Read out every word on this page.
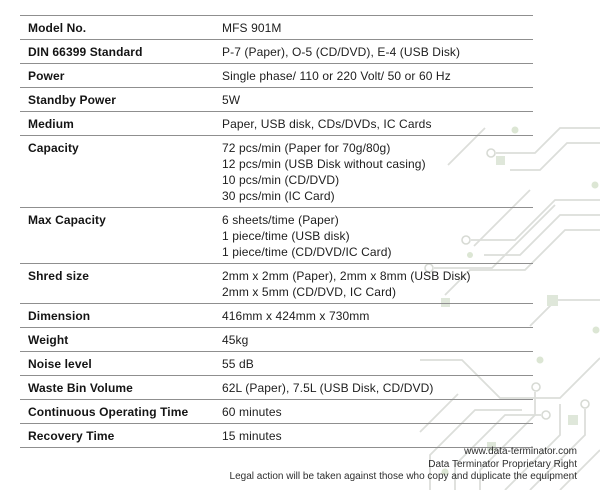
Model No.	MFS 901M
DIN 66399 Standard	P-7 (Paper), O-5 (CD/DVD), E-4 (USB Disk)
Power	Single phase/ 110 or 220 Volt/ 50 or 60 Hz
Standby Power	5W
Medium	Paper, USB disk, CDs/DVDs, IC Cards
Capacity	72 pcs/min (Paper for 70g/80g)
12 pcs/min (USB Disk without casing)
10 pcs/min (CD/DVD)
30 pcs/min (IC Card)
Max Capacity	6 sheets/time (Paper)
1 piece/time (USB disk)
1 piece/time (CD/DVD/IC Card)
Shred size	2mm x 2mm (Paper), 2mm x 8mm (USB Disk)
2mm x 5mm (CD/DVD, IC Card)
Dimension	416mm x 424mm x 730mm
Weight	45kg
Noise level	55 dB
Waste Bin Volume	62L (Paper), 7.5L (USB Disk, CD/DVD)
Continuous Operating Time	60 minutes
Recovery Time	15 minutes
www.data-terminator.com
Data Terminator Proprietary Right
Legal action will be taken against those who copy and duplicate the equipment
